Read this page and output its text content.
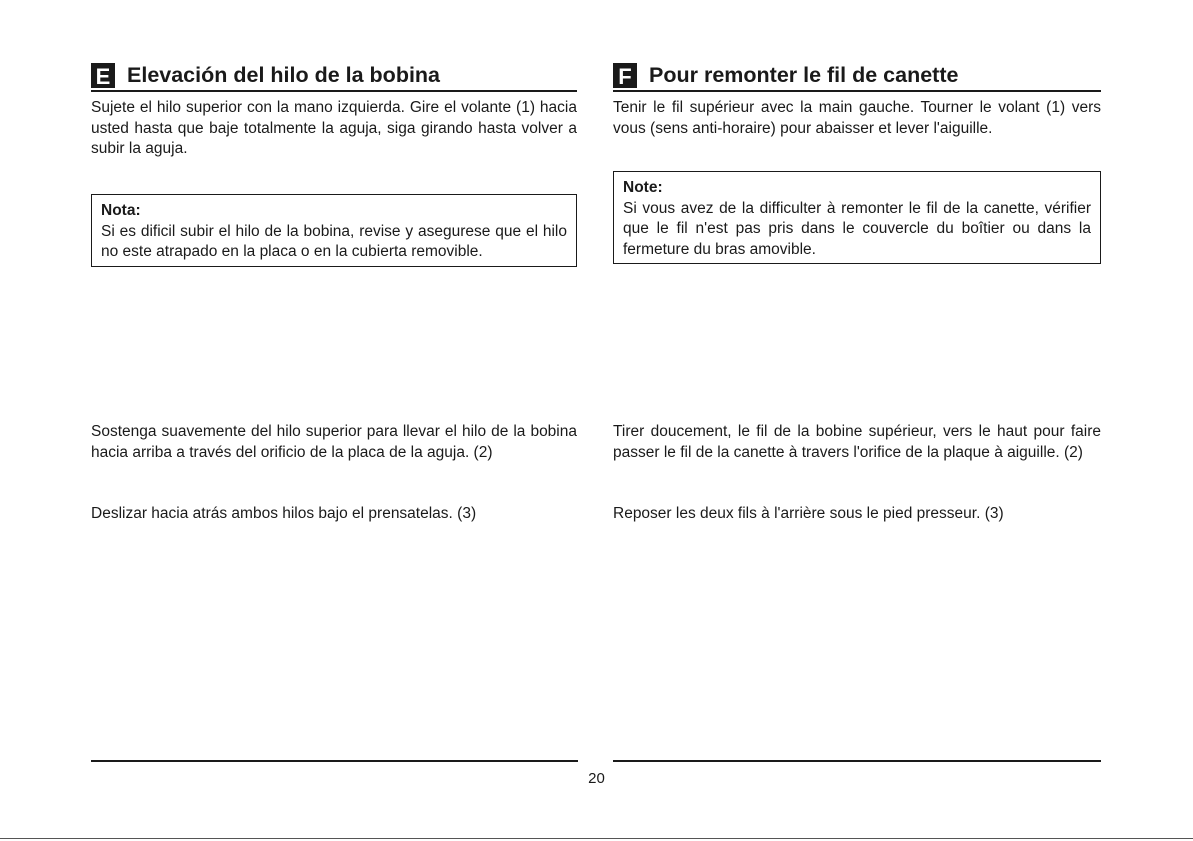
E Elevación del hilo de la bobina

Sujete el hilo superior con la mano izquierda. Gire el volante (1) hacia usted hasta que baje totalmente la aguja, siga girando hasta volver a subir la aguja.

Nota:
Si es dificil subir el hilo de la bobina, revise y asegurese que el hilo no este atrapado en la placa o en la cubierta removible.

Sostenga suavemente del hilo superior para llevar el hilo de la bobina hacia arriba a través del orificio de la placa de la aguja. (2)

Deslizar hacia atrás ambos hilos bajo el prensatelas. (3)

F Pour remonter le fil de canette

Tenir le fil supérieur avec la main gauche. Tourner le volant (1) vers vous (sens anti-horaire) pour abaisser et lever l'aiguille.

Note:
Si vous avez de la difficulter à remonter le fil de la canette, vérifier que le fil n'est pas pris dans le couvercle du boîtier ou dans la fermeture du bras amovible.

Tirer doucement, le fil de la bobine supérieur, vers le haut pour faire passer le fil de la canette à travers l'orifice de la plaque à aiguille. (2)

Reposer les deux fils à l'arrière sous le pied presseur. (3)

20
